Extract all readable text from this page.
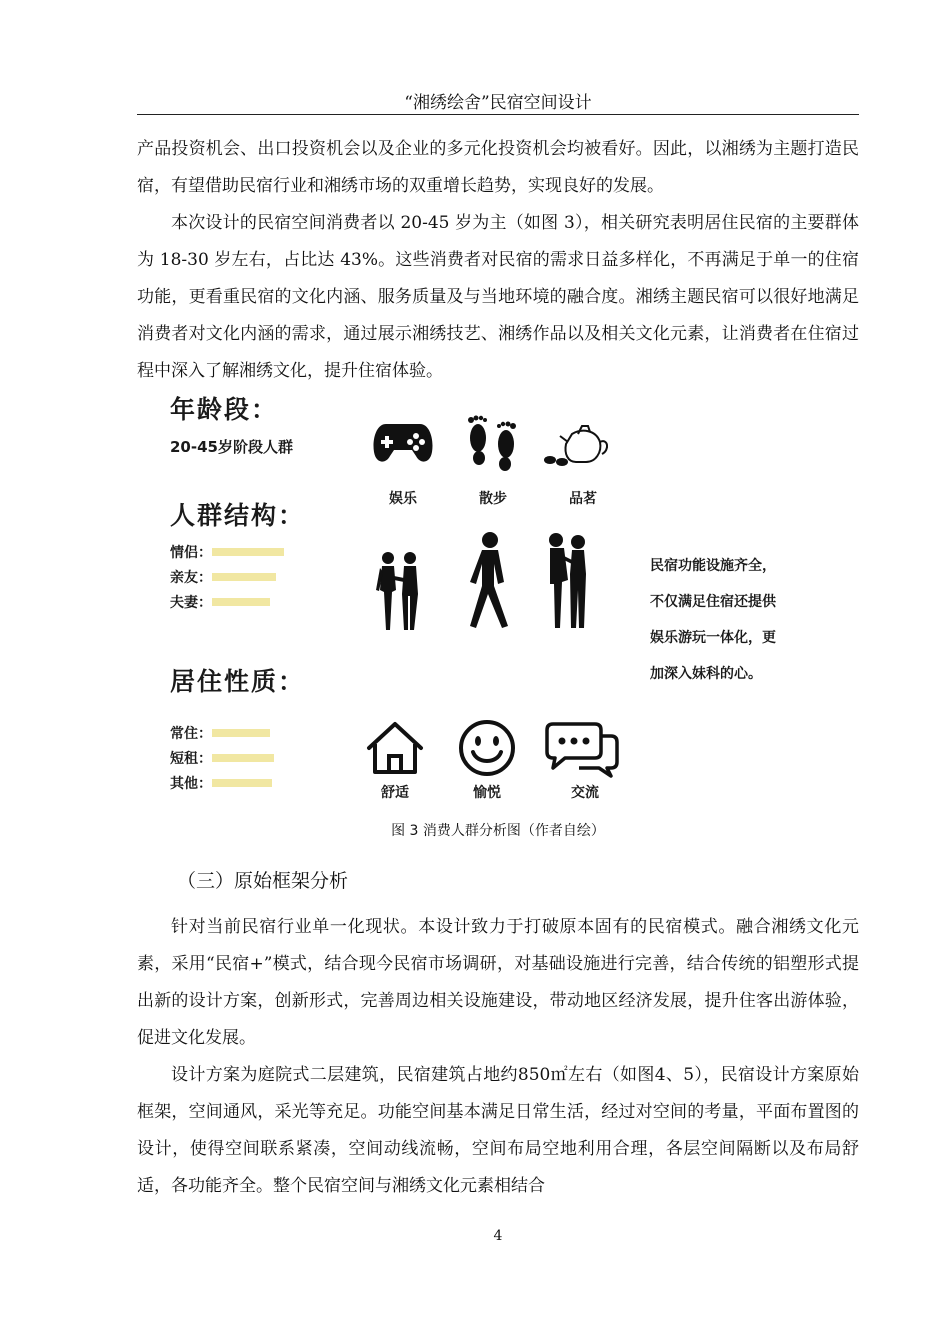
“湘绣绘舍”民宿空间设计

产品投资机会、出口投资机会以及企业的多元化投资机会均被看好。因此，以湘绣为主题打造民宿，有望借助民宿行业和湘绣市场的双重增长趋势，实现良好的发展。

本次设计的民宿空间消费者以 20-45 岁为主（如图 3），相关研究表明居住民宿的主要群体为 18-30 岁左右，占比达 43%。这些消费者对民宿的需求日益多样化，不再满足于单一的住宿功能，更看重民宿的文化内涵、服务质量及与当地环境的融合度。湘绣主题民宿可以很好地满足消费者对文化内涵的需求，通过展示湘绣技艺、湘绣作品以及相关文化元素，让消费者在住宿过程中深入了解湘绣文化，提升住宿体验。

年龄段：
20-45岁阶段人群
人群结构：
情侣：
亲友：
夫妻：
居住性质：
常住：
短租：
其他：
娱乐	散步	品茗
舒适	愉悦	交流
民宿功能设施齐全，
不仅满足住宿还提供
娱乐游玩一体化，更
加深入妹科的心。
图 3 消费人群分析图（作者自绘）
（三）原始框架分析

针对当前民宿行业单一化现状。本设计致力于打破原本固有的民宿模式。融合湘绣文化元素，采用“民宿+”模式，结合现今民宿市场调研，对基础设施进行完善，结合传统的铝塑形式提出新的设计方案，创新形式，完善周边相关设施建设，带动地区经济发展，提升住客出游体验，促进文化发展。

设计方案为庭院式二层建筑，民宿建筑占地约850㎡左右（如图4、5），民宿设计方案原始框架，空间通风，采光等充足。功能空间基本满足日常生活，经过对空间的考量，平面布置图的设计，使得空间联系紧凑，空间动线流畅，空间布局空地利用合理，各层空间隔断以及布局舒适，各功能齐全。整个民宿空间与湘绣文化元素相结合

4
